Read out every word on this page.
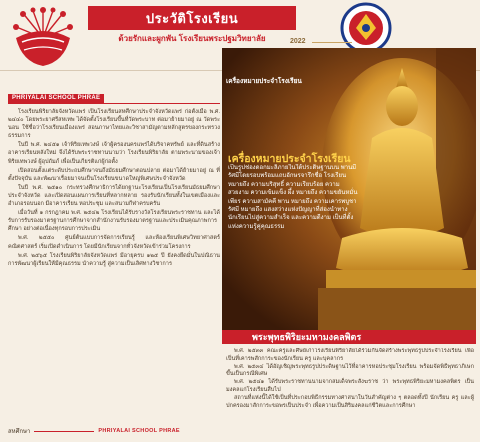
ประวัติโรงเรียน
ด้วยรักและผูกพัน โรงเรียนพระปฐมวิทยาลัย
PHRIYALAI SCHOOL PHRAE

โรงเรียนพิริยาลัยจังหวัดแพร่ เป็นโรงเรียนสหศึกษาประจำจังหวัดแพร่ ก่อตั้งเมื่อ พ.ศ. ๒๔๔๐ โดยพระยาศรีสหเทพ ได้จัดตั้งโรงเรียนขึ้นที่วัดพระบาท ต่อมาย้ายมาอยู่ ณ วัดพระนอน ใช้ชื่อว่าโรงเรียนเมืองแพร่ สอนภาษาไทยและวิชาสามัญตามหลักสูตรของกระทรวงธรรมการ

ในปี พ.ศ. ๒๔๕๑ เจ้าพิริยเทพวงษ์ เจ้าผู้ครองนครแพร่ได้บริจาคทรัพย์ และที่ดินสร้างอาคารเรียนหลังใหม่ จึงได้รับพระราชทานนามว่า โรงเรียนพิริยาลัย ตามพระนามของเจ้าพิริยเทพวงษ์ ผู้อุปถัมภ์ เพื่อเป็นเกียรติแก่ผู้ก่อตั้ง

เปิดสอนตั้งแต่ระดับประถมศึกษาจนถึงมัธยมศึกษาตอนปลาย ต่อมาได้ย้ายมาอยู่ ณ ที่ตั้งปัจจุบัน และพัฒนาเรื่อยมาจนเป็นโรงเรียนขนาดใหญ่พิเศษประจำจังหวัด

ในปี พ.ศ. ๒๕๑๐ กระทรวงศึกษาธิการได้ยกฐานะโรงเรียนเป็นโรงเรียนมัธยมศึกษาประจำจังหวัด และเปิดสอนแผนการเรียนที่หลากหลาย รองรับนักเรียนทั้งในเขตเมืองและอำเภอรอบนอก มีอาคารเรียน หอประชุม และสนามกีฬาครบครัน

เมื่อวันที่ ๑ กรกฎาคม พ.ศ. ๒๕๔๒ โรงเรียนได้รับรางวัลโรงเรียนพระราชทาน และได้รับการรับรองมาตรฐานการศึกษาจากสำนักงานรับรองมาตรฐานและประเมินคุณภาพการศึกษา อย่างต่อเนื่องทุกรอบการประเมิน

พ.ศ. ๒๕๕๐ ศูนย์ต้นแบบการจัดการเรียนรู้ และห้องเรียนพิเศษวิทยาศาสตร์ คณิตศาสตร์ เริ่มเปิดดำเนินการ โดยมีนักเรียนจากทั่วจังหวัดเข้าร่วมโครงการ

พ.ศ. ๒๕๖๕ โรงเรียนพิริยาลัยจังหวัดแพร่ มีอายุครบ ๑๒๕ ปี ยังคงยึดมั่นในปณิธานการพัฒนาผู้เรียนให้มีคุณธรรม นำความรู้ สู่ความเป็นเลิศทางวิชาการ

สหศึกษา	PHRIYALAI SCHOOL PHRAE
2022
เครื่องหมายประจำโรงเรียน
เครื่องหมายประจำโรงเรียน

เป็นรูปช่องดอกมะลิภายในใต้ประดิษฐานบน พานมีรัศมีโดยรอบพร้อมแถบอักษรจารึกชื่อ โรงเรียน หมายถึง ความบริสุทธิ์ ความเรียบร้อย ความสวยงาม ความเข้มแข็ง ผึ้ง หมายถึง ความขยันหมั่นเพียร ความสามัคคี พาน หมายถึง ความเคารพบูชา รัศมี หมายถึง แสงสว่างแห่งปัญญาที่ส่องนำทางนักเรียนไปสู่ความสำเร็จ และความดีงาม เป็นที่ตั้งแห่งความรู้คู่คุณธรรม

พระพุทธพิริยะมหามงคลพิตร

พ.ศ. ๒๕๓๓ คณะครูและศิษย์เก่าโรงเรียนพิริยาลัยได้ร่วมกันจัดสร้างพระพุทธรูปประจำโรงเรียน เพื่อเป็นที่เคารพสักการะของนักเรียน ครู และบุคลากร

พ.ศ. ๒๕๓๔ ได้อัญเชิญพระพุทธรูปประดิษฐานไว้ที่อาคารหอประชุมโรงเรียน พร้อมจัดพิธีพุทธาภิเษกขึ้นเป็นกรณีพิเศษ

พ.ศ. ๒๕๔๑ ได้รับพระราชทานนามจากสมเด็จพระสังฆราช ว่า พระพุทธพิริยะมหามงคลพิตร เป็นมงคลแก่โรงเรียนสืบไป

สถานที่แห่งนี้ได้ใช้เป็นที่ประกอบพิธีกรรมทางศาสนาในวันสำคัญต่าง ๆ ตลอดทั้งปี นักเรียน ครู และผู้ปกครองมาสักการะขอพรเป็นประจำ เพื่อความเป็นสิริมงคลแก่ชีวิตและการศึกษา
